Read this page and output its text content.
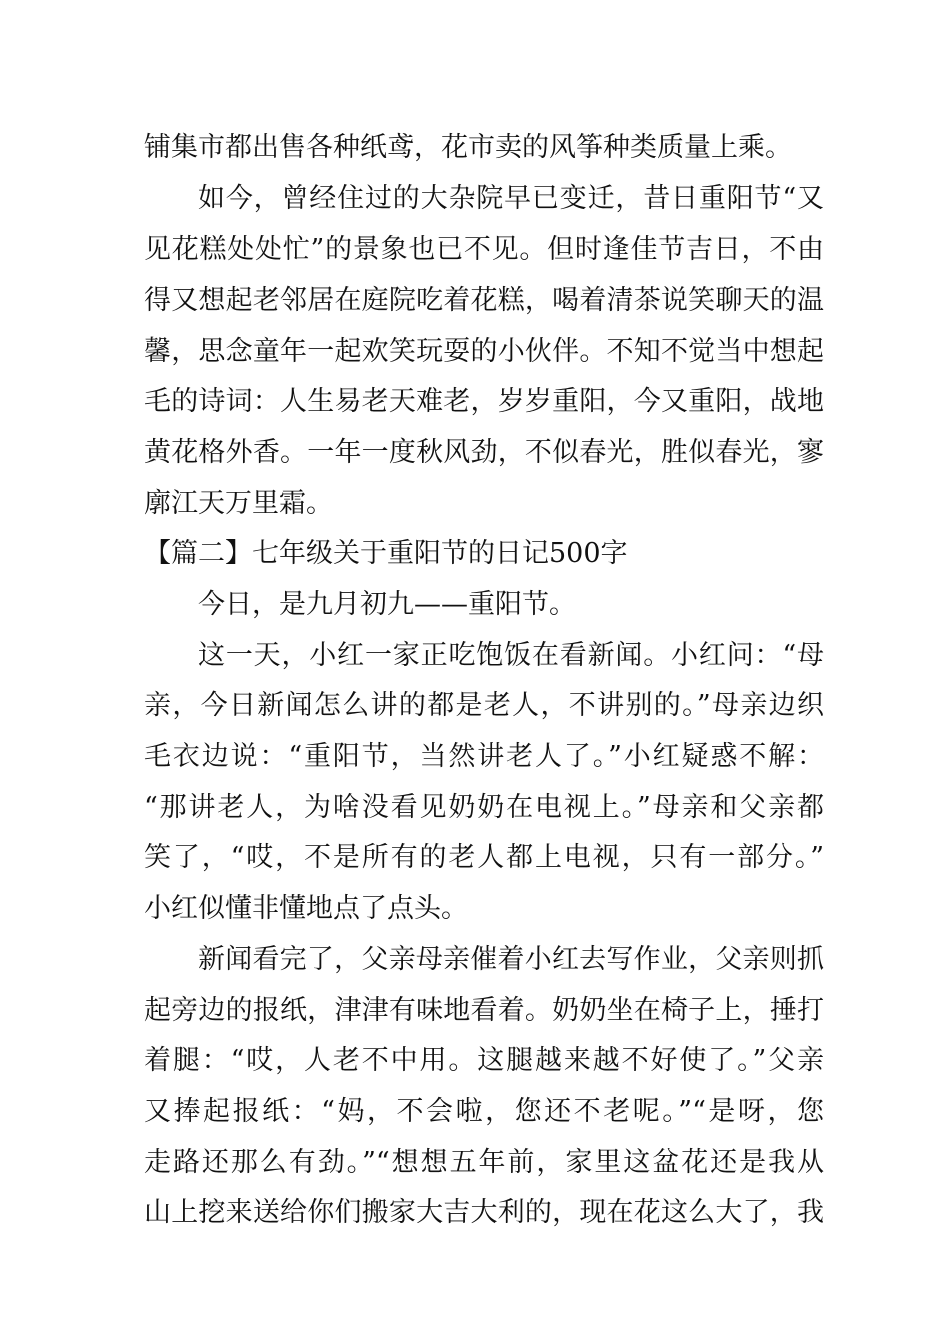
铺集市都出售各种纸鸢，花市卖的风筝种类质量上乘。
如今，曾经住过的大杂院早已变迁，昔日重阳节“又
见花糕处处忙”的景象也已不见。但时逢佳节吉日，不由
得又想起老邻居在庭院吃着花糕，喝着清茶说笑聊天的温
馨，思念童年一起欢笑玩耍的小伙伴。不知不觉当中想起
毛的诗词：人生易老天难老，岁岁重阳，今又重阳，战地
黄花格外香。一年一度秋风劲，不似春光，胜似春光，寥
廓江天万里霜。
【篇二】七年级关于重阳节的日记500字
今日，是九月初九——重阳节。
这一天，小红一家正吃饱饭在看新闻。小红问：“母
亲，今日新闻怎么讲的都是老人，不讲别的。”母亲边织
毛衣边说：“重阳节，当然讲老人了。”小红疑惑不解：
“那讲老人，为啥没看见奶奶在电视上。”母亲和父亲都
笑了，“哎，不是所有的老人都上电视，只有一部分。”
小红似懂非懂地点了点头。
新闻看完了，父亲母亲催着小红去写作业，父亲则抓
起旁边的报纸，津津有味地看着。奶奶坐在椅子上，捶打
着腿：“哎，人老不中用。这腿越来越不好使了。”父亲
又捧起报纸：“妈，不会啦，您还不老呢。”“是呀，您
走路还那么有劲。”“想想五年前，家里这盆花还是我从
山上挖来送给你们搬家大吉大利的，现在花这么大了，我
